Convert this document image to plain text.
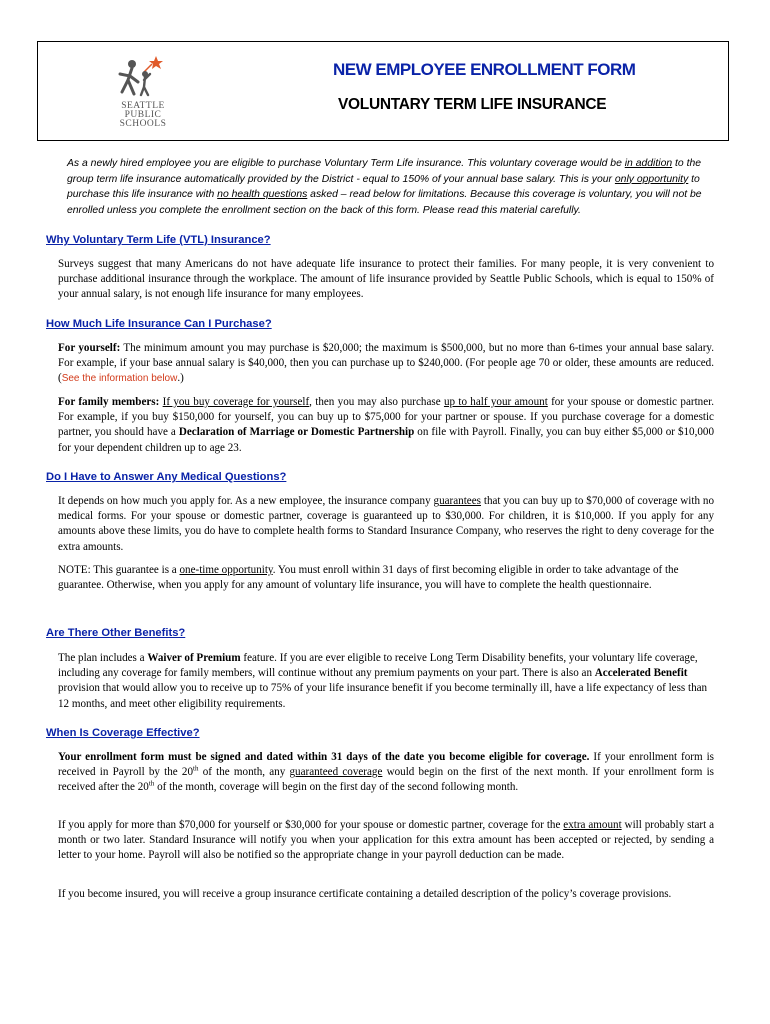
SEATTLE
PUBLIC
SCHOOLS
NEW EMPLOYEE ENROLLMENT FORM
VOLUNTARY TERM LIFE INSURANCE
As a newly hired employee you are eligible to purchase Voluntary Term Life insurance. This voluntary coverage would be in addition to the group term life insurance automatically provided by the District - equal to 150% of your annual base salary. This is your only opportunity to purchase this life insurance with no health questions asked – read below for limitations. Because this coverage is voluntary, you will not be enrolled unless you complete the enrollment section on the back of this form. Please read this material carefully.
Why Voluntary Term Life (VTL) Insurance?
Surveys suggest that many Americans do not have adequate life insurance to protect their families. For many people, it is very convenient to purchase additional insurance through the workplace. The amount of life insurance provided by Seattle Public Schools, which is equal to 150% of your annual salary, is not enough life insurance for many employees.
How Much Life Insurance Can I Purchase?
For yourself: The minimum amount you may purchase is $20,000; the maximum is $500,000, but no more than 6-times your annual base salary. For example, if your base annual salary is $40,000, then you can purchase up to $240,000. (For people age 70 or older, these amounts are reduced. (See the information below.)
For family members: If you buy coverage for yourself, then you may also purchase up to half your amount for your spouse or domestic partner. For example, if you buy $150,000 for yourself, you can buy up to $75,000 for your partner or spouse. If you purchase coverage for a domestic partner, you should have a Declaration of Marriage or Domestic Partnership on file with Payroll. Finally, you can buy either $5,000 or $10,000 for your dependent children up to age 23.
Do I Have to Answer Any Medical Questions?
It depends on how much you apply for. As a new employee, the insurance company guarantees that you can buy up to $70,000 of coverage with no medical forms. For your spouse or domestic partner, coverage is guaranteed up to $30,000. For children, it is $10,000. If you apply for any amounts above these limits, you do have to complete health forms to Standard Insurance Company, who reserves the right to deny coverage for the extra amounts.
NOTE: This guarantee is a one-time opportunity. You must enroll within 31 days of first becoming eligible in order to take advantage of the guarantee. Otherwise, when you apply for any amount of voluntary life insurance, you will have to complete the health questionnaire.
Are There Other Benefits?
The plan includes a Waiver of Premium feature. If you are ever eligible to receive Long Term Disability benefits, your voluntary life coverage, including any coverage for family members, will continue without any premium payments on your part. There is also an Accelerated Benefit provision that would allow you to receive up to 75% of your life insurance benefit if you become terminally ill, have a life expectancy of less than 12 months, and meet other eligibility requirements.
When Is Coverage Effective?
Your enrollment form must be signed and dated within 31 days of the date you become eligible for coverage. If your enrollment form is received in Payroll by the 20th of the month, any guaranteed coverage would begin on the first of the next month. If your enrollment form is received after the 20th of the month, coverage will begin on the first day of the second following month.
If you apply for more than $70,000 for yourself or $30,000 for your spouse or domestic partner, coverage for the extra amount will probably start a month or two later. Standard Insurance will notify you when your application for this extra amount has been accepted or rejected, by sending a letter to your home. Payroll will also be notified so the appropriate change in your payroll deduction can be made.
If you become insured, you will receive a group insurance certificate containing a detailed description of the policy’s coverage provisions.
